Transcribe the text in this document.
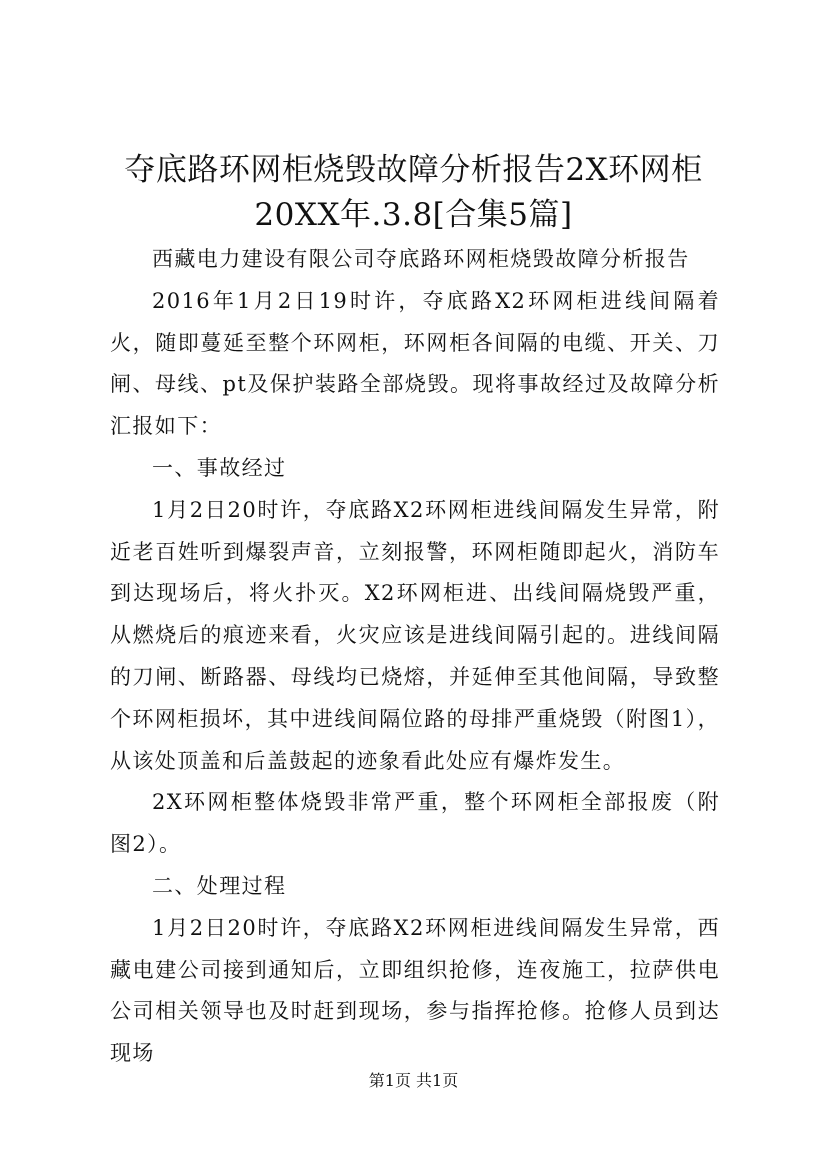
夺底路环网柜烧毁故障分析报告2X环网柜
20XX年.3.8[合集5篇]

西藏电力建设有限公司夺底路环网柜烧毁故障分析报告

2016年1月2日19时许，夺底路X2环网柜进线间隔着火，随即蔓延至整个环网柜，环网柜各间隔的电缆、开关、刀闸、母线、pt及保护装路全部烧毁。现将事故经过及故障分析汇报如下：

一、事故经过

1月2日20时许，夺底路X2环网柜进线间隔发生异常，附近老百姓听到爆裂声音，立刻报警，环网柜随即起火，消防车到达现场后，将火扑灭。X2环网柜进、出线间隔烧毁严重，从燃烧后的痕迹来看，火灾应该是进线间隔引起的。进线间隔的刀闸、断路器、母线均已烧熔，并延伸至其他间隔，导致整个环网柜损坏，其中进线间隔位路的母排严重烧毁（附图1），从该处顶盖和后盖鼓起的迹象看此处应有爆炸发生。

2X环网柜整体烧毁非常严重，整个环网柜全部报废（附图2）。

二、处理过程

1月2日20时许，夺底路X2环网柜进线间隔发生异常，西藏电建公司接到通知后，立即组织抢修，连夜施工，拉萨供电公司相关领导也及时赶到现场，参与指挥抢修。抢修人员到达现场

第1页 共1页
